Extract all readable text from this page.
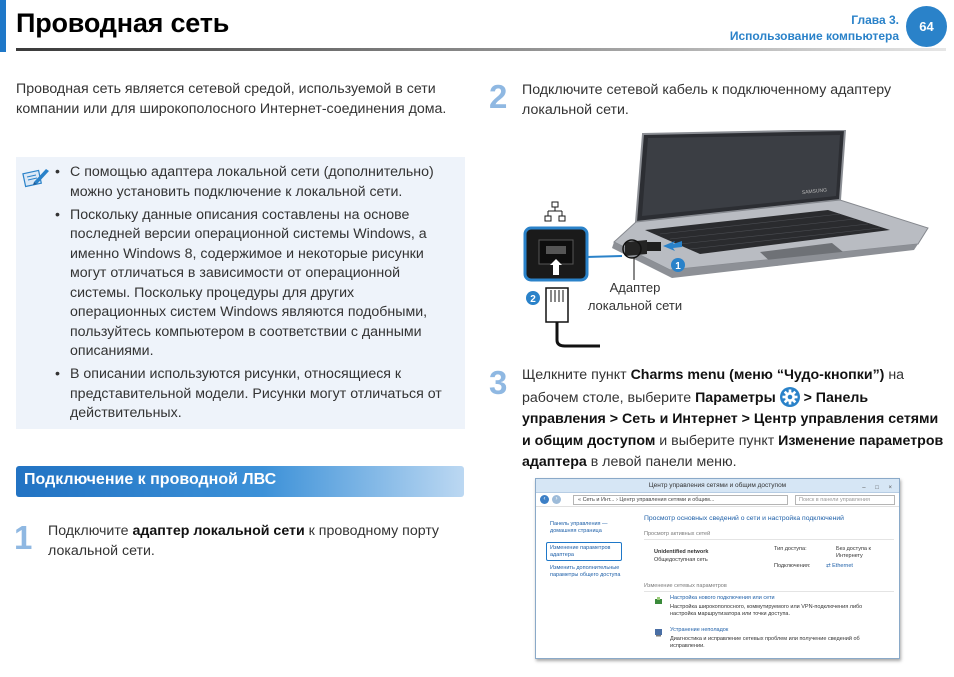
Проводная сеть	Глава 3.
Использование компьютера
64

Проводная сеть является сетевой средой, используемой в сети компании или для широкополосного Интернет-соединения дома.

• С помощью адаптера локальной сети (дополнительно) можно установить подключение к локальной сети.
• Поскольку данные описания составлены на основе последней версии операционной системы Windows, а именно Windows 8, содержимое и некоторые рисунки могут отличаться в зависимости от операционной системы. Поскольку процедуры для других операционных систем Windows являются подобными, пользуйтесь компьютером в соответствии с данными описаниями.
• В описании используются рисунки, относящиеся к представительной модели. Рисунки могут отличаться от действительных.
Подключение к проводной ЛВС
1 Подключите адаптер локальной сети к проводному портy локальной сети.
2 Подключите сетевой кабель к подключенному адаптеру локальной сети.
SAMSUNG
1
2
Адаптер
локальной сети
3 Щелкните пункт Charms menu (меню “Чудо-кнопки”) на рабочем столе, выберите Параметры  > Панель управления > Сеть и Интернет > Центр управления сетями и общим доступом и выберите пункт Изменение параметров адаптера в левой панели меню.
Центр управления сетями и общим доступом	– □ ×
‹	›	« Сеть и Инт... › Центр управления сетями и общим...	Поиск в панели управления
Панель управления —
домашняя страница
Изменение параметров
адаптера
Изменить дополнительные
параметры общего доступа
Просмотр основных сведений о сети и настройка подключений
Просмотр активных сетей
Unidentified network
Общедоступная сеть
Тип доступа:	Без доступа к
Интернету
Подключения:	⇄ Ethernet
Изменение сетевых параметров
Настройка нового подключения или сети
Настройка широкополосного, коммутируемого или VPN-подключения либо
настройка маршрутизатора или точки доступа.
Устранение неполадок
Диагностика и исправление сетевых проблем или получение сведений об
исправлении.
